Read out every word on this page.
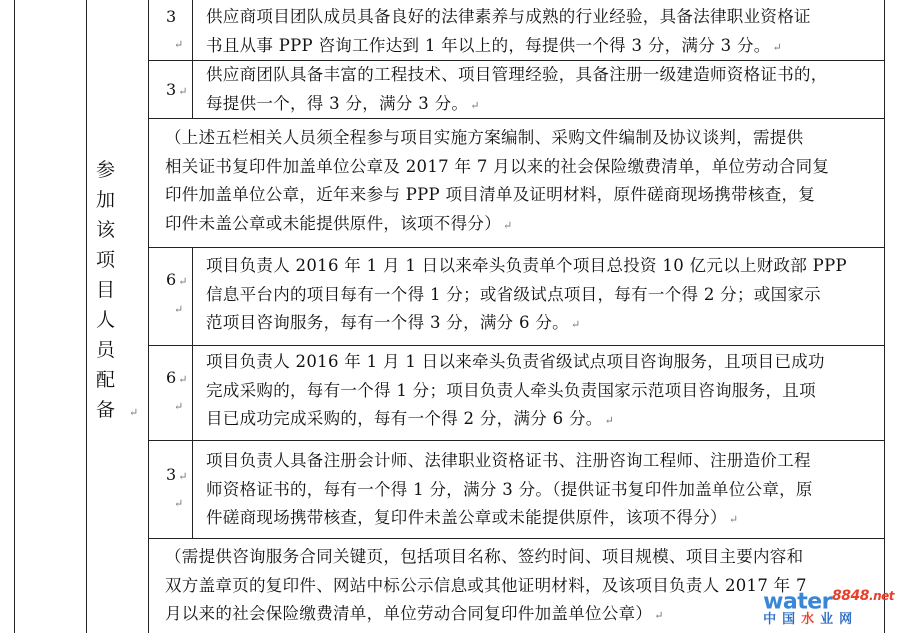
参加该项目人员配备 ↵
3
↵
供应商项目团队成员具备良好的法律素养与成熟的行业经验，具备法律职业资格证
书且从事 PPP 咨询工作达到 1 年以上的，每提供一个得 3 分，满分 3 分。 ↵
3 ↵
供应商团队具备丰富的工程技术、项目管理经验，具备注册一级建造师资格证书的，
每提供一个，得 3 分，满分 3 分。 ↵
（上述五栏相关人员须全程参与项目实施方案编制、采购文件编制及协议谈判，需提供
相关证书复印件加盖单位公章及 2017 年 7 月以来的社会保险缴费清单，单位劳动合同复
印件加盖单位公章，近年来参与 PPP 项目清单及证明材料，原件磋商现场携带核查，复
印件未盖公章或未能提供原件，该项不得分） ↵
6 ↵
↵
项目负责人 2016 年 1 月 1 日以来牵头负责单个项目总投资 10 亿元以上财政部 PPP
信息平台内的项目每有一个得 1 分；或省级试点项目，每有一个得 2 分；或国家示
范项目咨询服务，每有一个得 3 分，满分 6 分。 ↵
6 ↵
↵
项目负责人 2016 年 1 月 1 日以来牵头负责省级试点项目咨询服务，且项目已成功
完成采购的，每有一个得 1 分；项目负责人牵头负责国家示范项目咨询服务，且项
目已成功完成采购的，每有一个得 2 分，满分 6 分。 ↵
3 ↵
↵
项目负责人具备注册会计师、法律职业资格证书、注册咨询工程师、注册造价工程
师资格证书的，每有一个得 1 分，满分 3 分。（提供证书复印件加盖单位公章，原
件磋商现场携带核查，复印件未盖公章或未能提供原件，该项不得分） ↵
（需提供咨询服务合同关键页，包括项目名称、签约时间、项目规模、项目主要内容和
双方盖章页的复印件、网站中标公示信息或其他证明材料，及该项目负责人 2017 年 7
月以来的社会保险缴费清单，单位劳动合同复印件加盖单位公章） ↵
water$^{8848.net}$
中国水业网
